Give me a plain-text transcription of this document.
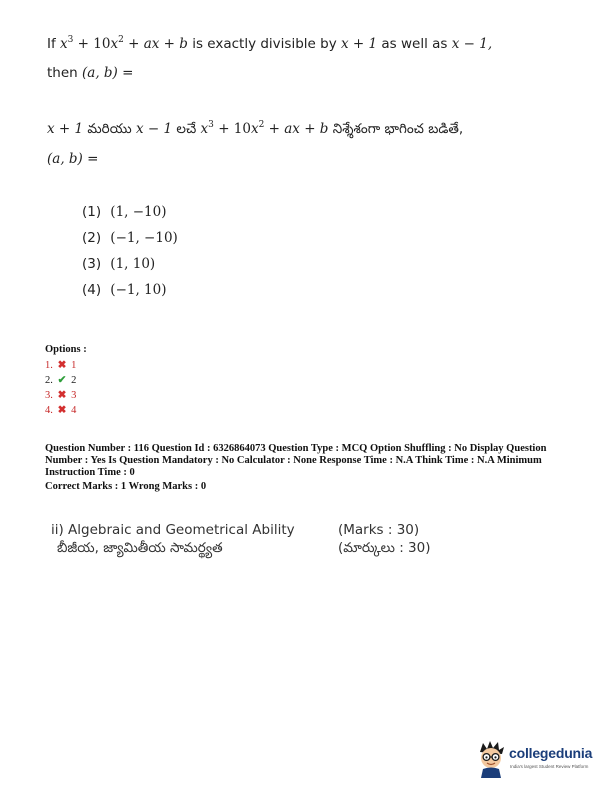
If $x^3 + 10x^2$ + ax + b is exactly divisible by x + 1 as well as x − 1,
then (a, b) =
x + 1 మరియు x − 1 లచే $x^3 + 10x^2$ + ax + b నిశ్శేశంగా భాగించ బడితే,
(a, b) =
(1) (1, −10)
(2) (−1, −10)
(3) (1, 10)
(4) (−1, 10)
Options :
1. ✖ 1
2. ✔ 2
3. ✖ 3
4. ✖ 4
Question Number : 116 Question Id : 6326864073 Question Type : MCQ Option Shuffling : No Display Question
Number : Yes Is Question Mandatory : No Calculator : None Response Time : N.A Think Time : N.A Minimum
Instruction Time : 0
Correct Marks : 1 Wrong Marks : 0
ii) Algebraic and Geometrical Ability	(Marks : 30)
బీజీయ, జ్యామితీయ సామర్థ్యత	(మార్కులు : 30)
collegedunia
India's largest Student Review Platform
